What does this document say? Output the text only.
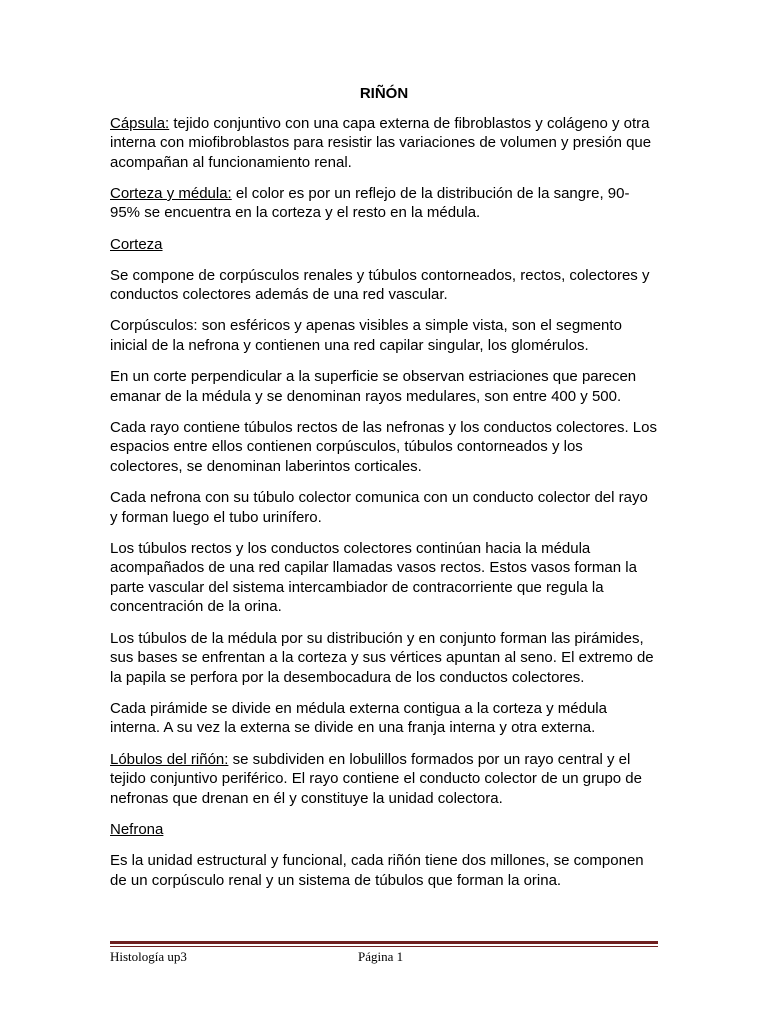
RIÑÓN

Cápsula: tejido conjuntivo con una capa externa de fibroblastos y colágeno y otra interna con miofibroblastos para resistir las variaciones de volumen y presión que acompañan al funcionamiento renal.

Corteza y médula: el color es por un reflejo de la distribución de la sangre, 90-95% se encuentra en la corteza y el resto en la médula.

Corteza

Se compone de corpúsculos renales y túbulos contorneados, rectos, colectores y conductos colectores además de una red vascular.

Corpúsculos: son esféricos y apenas visibles a simple vista, son el segmento inicial de la nefrona y contienen una red capilar singular, los glomérulos.

En un corte perpendicular a la superficie se observan estriaciones que parecen emanar de la médula y se denominan rayos medulares, son entre 400 y 500.

Cada rayo contiene túbulos rectos de las nefronas y los conductos colectores. Los espacios entre ellos contienen corpúsculos, túbulos contorneados y los colectores, se denominan laberintos corticales.

Cada nefrona con su túbulo colector comunica con un conducto colector del rayo y forman luego el tubo urinífero.

Los túbulos rectos y los conductos colectores continúan hacia la médula acompañados de una red capilar llamadas vasos rectos. Estos vasos forman la parte vascular del sistema intercambiador de contracorriente que regula la concentración de la orina.

Los túbulos de la médula por su distribución y en conjunto forman las pirámides, sus bases se enfrentan a la corteza y sus vértices apuntan al seno. El extremo de la papila se perfora por la desembocadura de los conductos colectores.

Cada pirámide se divide en médula externa contigua a la corteza y médula interna. A su vez la externa se divide en una franja interna y otra externa.

Lóbulos del riñón: se subdividen en lobulillos formados por un rayo central y el tejido conjuntivo periférico. El rayo contiene el conducto colector de un grupo de nefronas que drenan en él y constituye la unidad colectora.

Nefrona

Es la unidad estructural y funcional, cada riñón tiene dos millones, se componen de un corpúsculo renal y un sistema de túbulos que forman la orina.

Histología up3	Página 1
